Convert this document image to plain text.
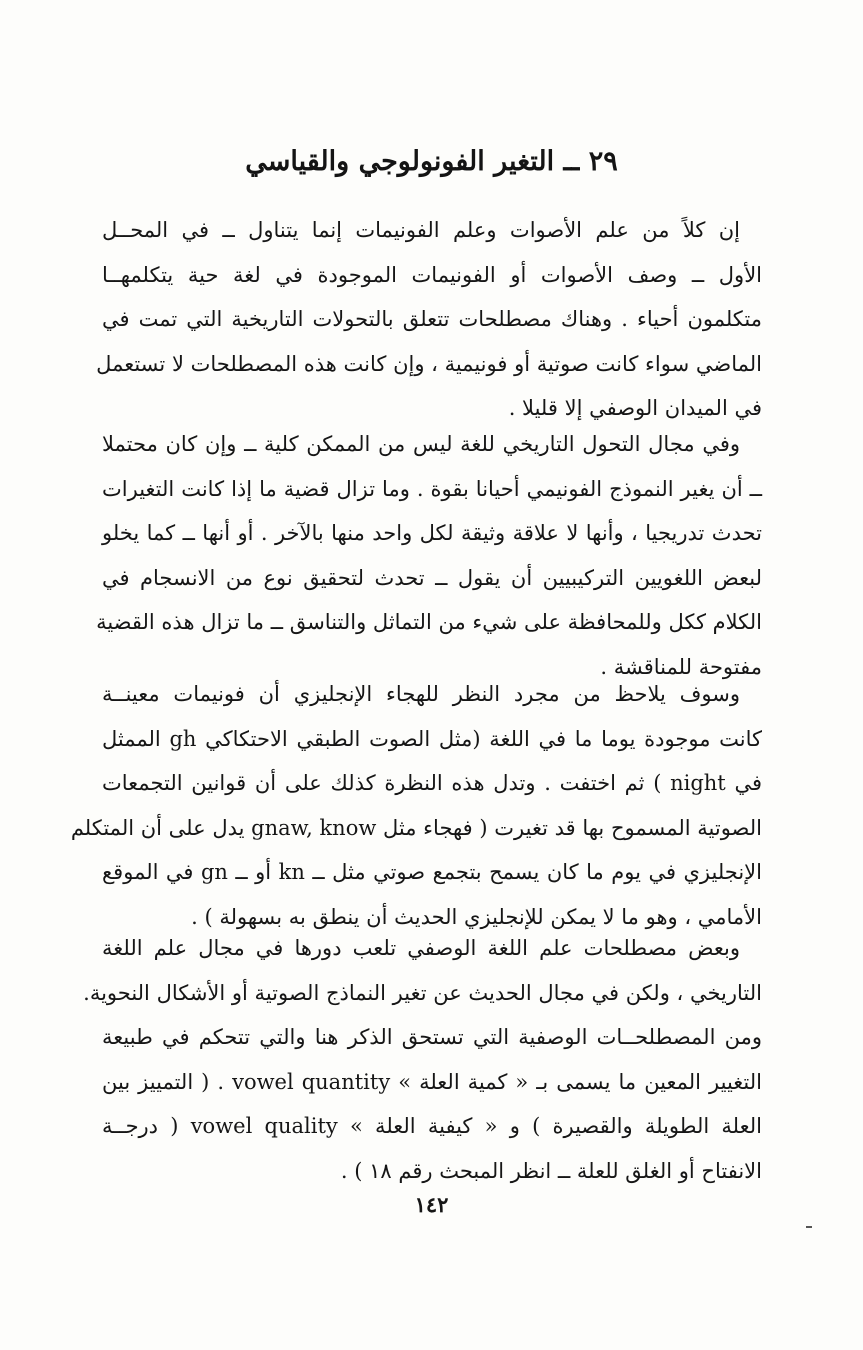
٢٩ ــ التغير الفونولوجي والقياسي
إن كلاً من علم الأصوات وعلم الفونيمات إنما يتناول ــ في المحــل
الأول ــ وصف الأصوات أو الفونيمات الموجودة في لغة حية يتكلمهــا
متكلمون أحياء . وهناك مصطلحات تتعلق بالتحولات التاريخية التي تمت في
الماضي سواء كانت صوتية أو فونيمية ، وإن كانت هذه المصطلحات لا تستعمل
في الميدان الوصفي إلا قليلا .
وفي مجال التحول التاريخي للغة ليس من الممكن كلية ــ وإن كان محتملا
ــ أن يغير النموذج الفونيمي أحيانا بقوة . وما تزال قضية ما إذا كانت التغيرات
تحدث تدريجيا ، وأنها لا علاقة وثيقة لكل واحد منها بالآخر . أو أنها ــ كما يخلو
لبعض اللغويين التركيبيين أن يقول ــ تحدث لتحقيق نوع من الانسجام في
الكلام ككل وللمحافظة على شيء من التماثل والتناسق ــ ما تزال هذه القضية
مفتوحة للمناقشة .
وسوف يلاحظ من مجرد النظر للهجاء الإنجليزي أن فونيمات معينــة
كانت موجودة يوما ما في اللغة (مثل الصوت الطبقي الاحتكاكي gh الممثل
في night ) ثم اختفت . وتدل هذه النظرة كذلك على أن قوانين التجمعات
الصوتية المسموح بها قد تغيرت ( فهجاء مثل gnaw, know يدل على أن المتكلم
الإنجليزي في يوم ما كان يسمح بتجمع صوتي مثل ــ kn أو ــ gn في الموقع
الأمامي ، وهو ما لا يمكن للإنجليزي الحديث أن ينطق به بسهولة ) .
وبعض مصطلحات علم اللغة الوصفي تلعب دورها في مجال علم اللغة
التاريخي ، ولكن في مجال الحديث عن تغير النماذج الصوتية أو الأشكال النحوية.
ومن المصطلحــات الوصفية التي تستحق الذكر هنا والتي تتحكم في طبيعة
التغيير المعين ما يسمى بـ « كمية العلة » vowel quantity . ( التمييز بين
العلة الطويلة والقصيرة ) و « كيفية العلة » vowel quality ( درجــة
الانفتاح أو الغلق للعلة ــ انظر المبحث رقم ١٨ ) .
١٤٢
